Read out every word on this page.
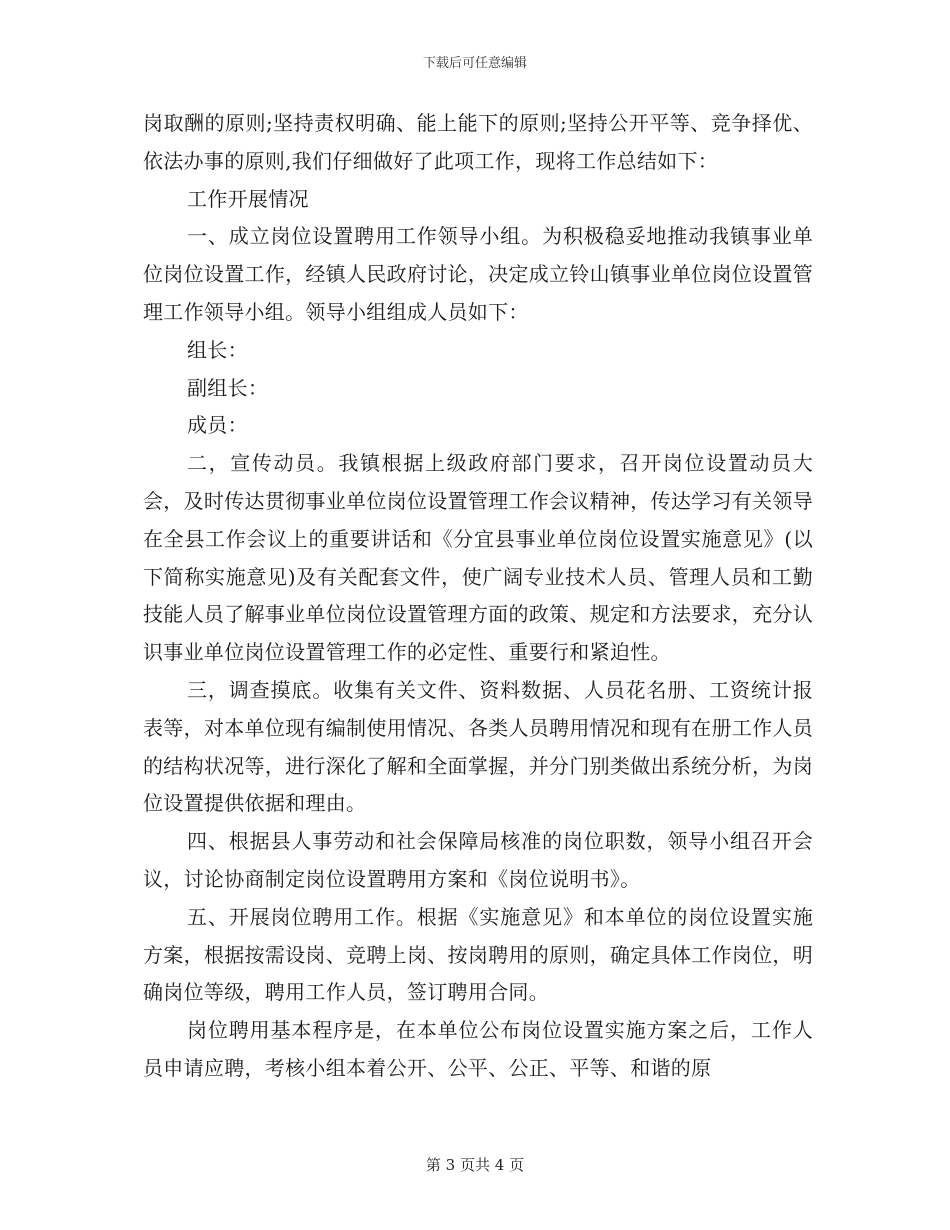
下载后可任意编辑

岗取酬的原则;坚持责权明确、能上能下的原则;坚持公开平等、竞争择优、依法办事的原则,我们仔细做好了此项工作，现将工作总结如下：

工作开展情况

一、成立岗位设置聘用工作领导小组。为积极稳妥地推动我镇事业单位岗位设置工作，经镇人民政府讨论，决定成立铃山镇事业单位岗位设置管理工作领导小组。领导小组组成人员如下：

组长：

副组长：

成员：

二，宣传动员。我镇根据上级政府部门要求，召开岗位设置动员大会，及时传达贯彻事业单位岗位设置管理工作会议精神，传达学习有关领导在全县工作会议上的重要讲话和《分宜县事业单位岗位设置实施意见》(以下简称实施意见)及有关配套文件，使广阔专业技术人员、管理人员和工勤技能人员了解事业单位岗位设置管理方面的政策、规定和方法要求，充分认识事业单位岗位设置管理工作的必定性、重要行和紧迫性。

三，调查摸底。收集有关文件、资料数据、人员花名册、工资统计报表等，对本单位现有编制使用情况、各类人员聘用情况和现有在册工作人员的结构状况等，进行深化了解和全面掌握，并分门别类做出系统分析，为岗位设置提供依据和理由。

四、根据县人事劳动和社会保障局核准的岗位职数，领导小组召开会议，讨论协商制定岗位设置聘用方案和《岗位说明书》。

五、开展岗位聘用工作。根据《实施意见》和本单位的岗位设置实施方案，根据按需设岗、竞聘上岗、按岗聘用的原则，确定具体工作岗位，明确岗位等级，聘用工作人员，签订聘用合同。

岗位聘用基本程序是，在本单位公布岗位设置实施方案之后，工作人员申请应聘，考核小组本着公开、公平、公正、平等、和谐的原

第 3 页共 4 页
